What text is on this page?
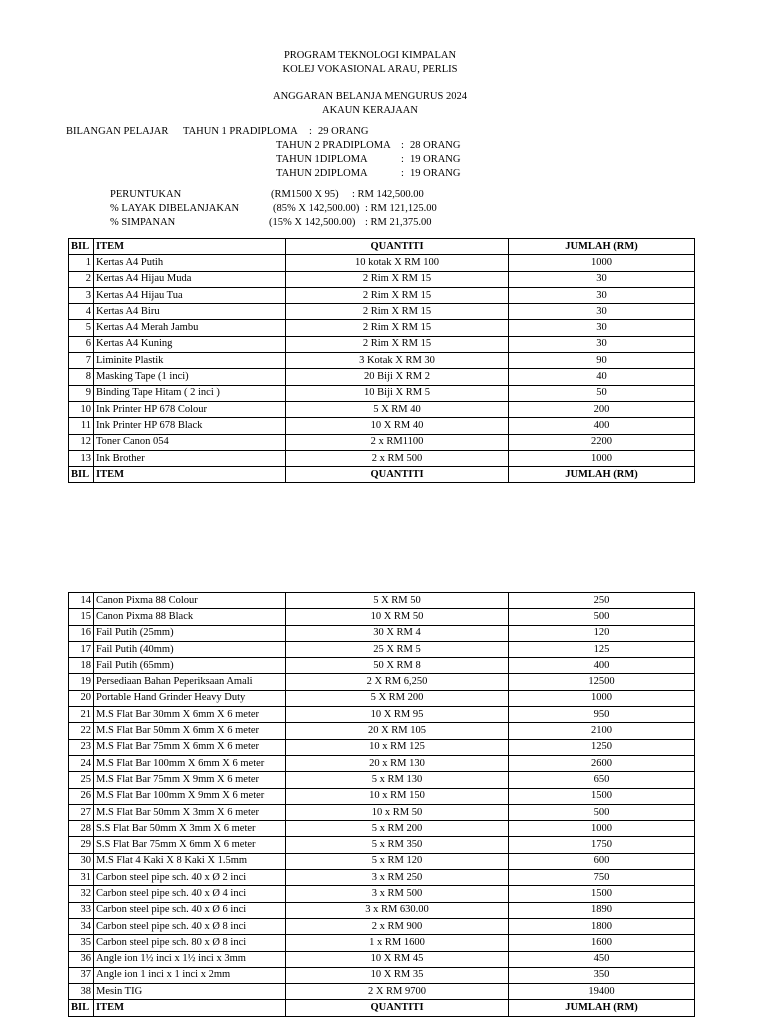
PROGRAM TEKNOLOGI KIMPALAN
KOLEJ VOKASIONAL ARAU, PERLIS
ANGGARAN BELANJA MENGURUS 2024
AKAUN KERAJAAN
BILANGAN PELAJAR TAHUN 1 PRADIPLOMA : 29 ORANG
TAHUN 2 PRADIPLOMA : 28 ORANG
TAHUN 1DIPLOMA	: 19 ORANG
TAHUN 2DIPLOMA	: 19 ORANG
PERUNTUKAN	(RM1500 X 95) : RM 142,500.00
% LAYAK DIBELANJAKAN	(85% X 142,500.00) : RM 121,125.00
% SIMPANAN	(15% X 142,500.00) : RM 21,375.00
BIL	ITEM	QUANTITI	JUMLAH (RM)
1	Kertas A4 Putih	10 kotak X RM 100	1000
2	Kertas A4 Hijau Muda	2 Rim X RM 15	30
3	Kertas A4 Hijau Tua	2 Rim X RM 15	30
4	Kertas A4 Biru	2 Rim X RM 15	30
5	Kertas A4 Merah Jambu	2 Rim X RM 15	30
6	Kertas A4 Kuning	2 Rim X RM 15	30
7	Liminite Plastik	3 Kotak X RM 30	90
8	Masking Tape (1 inci)	20 Biji X RM 2	40
9	Binding Tape Hitam ( 2 inci )	10 Biji X RM 5	50
10	Ink Printer HP 678 Colour	5 X RM 40	200
11	Ink Printer HP 678 Black	10 X RM 40	400
12	Toner Canon 054	2 x RM1100	2200
13	Ink Brother	2 x RM 500	1000
BIL	ITEM	QUANTITI	JUMLAH (RM)
14	Canon Pixma 88 Colour	5 X RM 50	250
15	Canon Pixma 88 Black	10 X RM 50	500
16	Fail Putih (25mm)	30 X RM 4	120
17	Fail Putih (40mm)	25 X RM 5	125
18	Fail Putih (65mm)	50 X RM 8	400
19	Persediaan Bahan Peperiksaan Amali	2 X RM 6,250	12500
20	Portable Hand Grinder Heavy Duty	5 X RM 200	1000
21	M.S Flat Bar 30mm X 6mm X 6 meter	10 X RM 95	950
22	M.S Flat Bar 50mm X 6mm X 6 meter	20 X RM 105	2100
23	M.S Flat Bar 75mm X 6mm X 6 meter	10 x RM 125	1250
24	M.S Flat Bar 100mm X 6mm X 6 meter	20 x RM 130	2600
25	M.S Flat Bar 75mm X 9mm X 6 meter	5 x RM 130	650
26	M.S Flat Bar 100mm X 9mm X 6 meter	10 x RM 150	1500
27	M.S Flat Bar 50mm X 3mm X 6 meter	10 x RM 50	500
28	S.S Flat Bar 50mm X 3mm X 6 meter	5 x RM 200	1000
29	S.S Flat Bar 75mm X 6mm X 6 meter	5 x RM 350	1750
30	M.S Flat 4 Kaki X 8 Kaki X 1.5mm	5 x RM 120	600
31	Carbon steel pipe sch. 40 x Ø 2 inci	3 x RM 250	750
32	Carbon steel pipe sch. 40 x Ø 4 inci	3 x RM 500	1500
33	Carbon steel pipe sch. 40 x Ø 6 inci	3 x RM 630.00	1890
34	Carbon steel pipe sch. 40 x Ø 8 inci	2 x RM 900	1800
35	Carbon steel pipe sch. 80 x Ø 8 inci	1 x RM 1600	1600
36	Angle ion 1½ inci x 1½ inci x 3mm	10 X RM 45	450
37	Angle ion 1 inci x 1 inci x 2mm	10 X RM 35	350
38	Mesin TIG	2 X RM 9700	19400
BIL	ITEM	QUANTITI	JUMLAH (RM)
